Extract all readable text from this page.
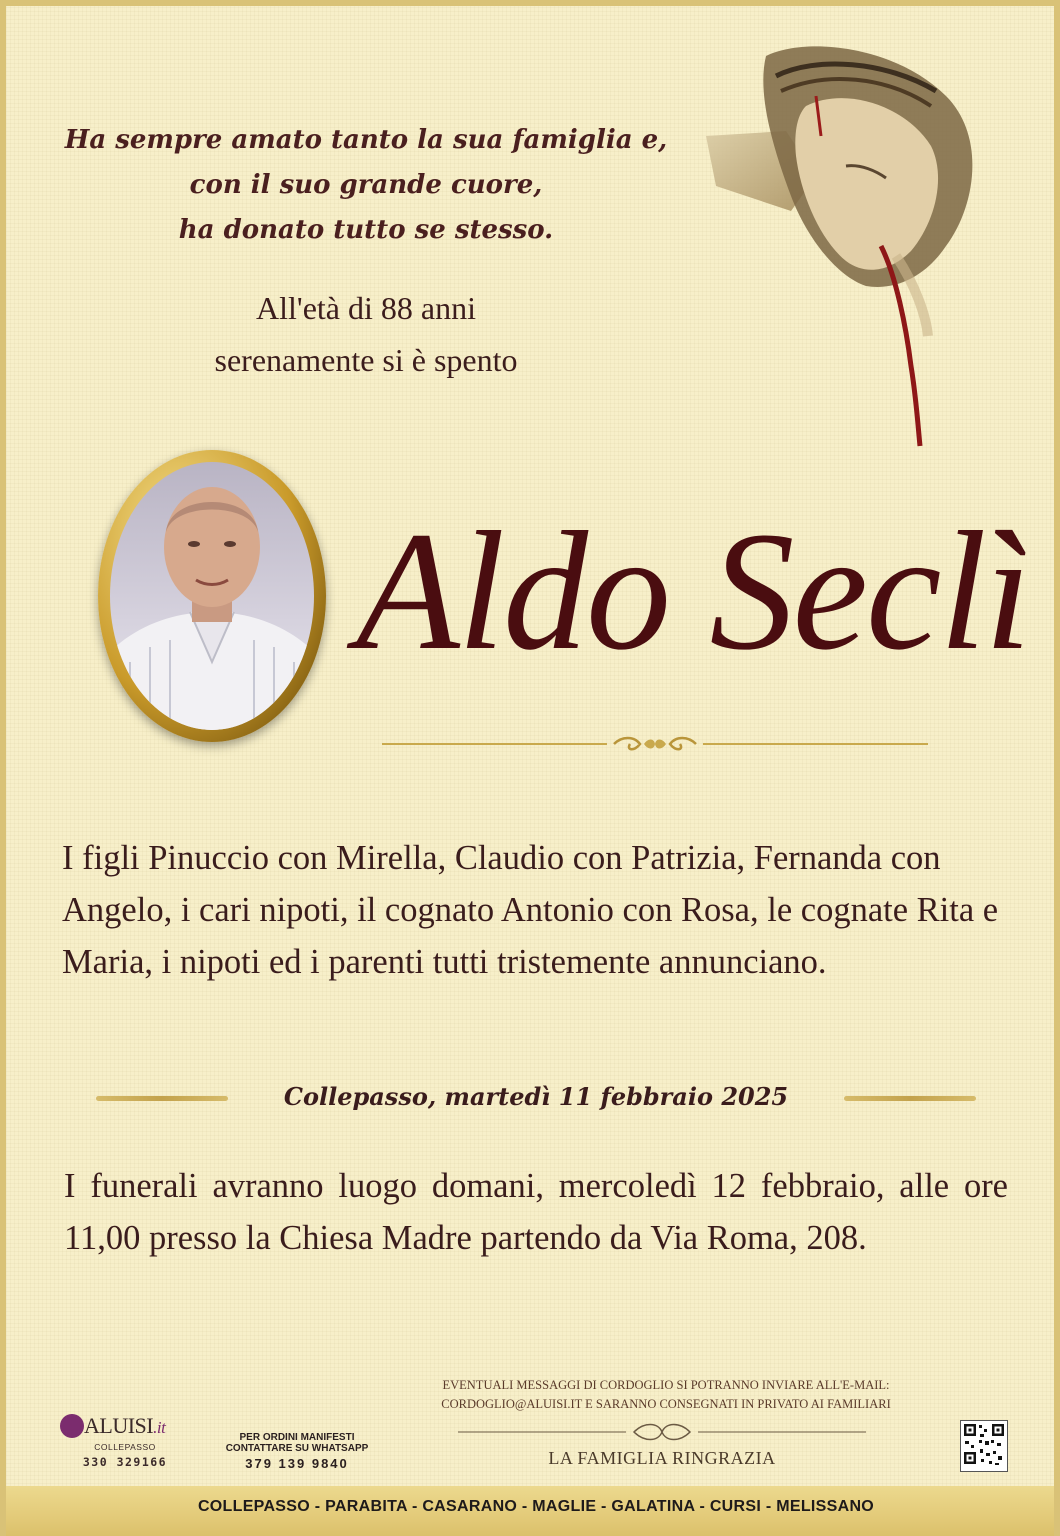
Ha sempre amato tanto la sua famiglia e,
con il suo grande cuore,
ha donato tutto se stesso.
All'età di 88 anni
serenamente si è spento
Aldo Seclì
I figli Pinuccio con Mirella, Claudio con Patrizia, Fernanda con Angelo, i cari nipoti, il cognato Antonio con Rosa, le cognate Rita e Maria, i nipoti ed i parenti tutti tristemente annunciano.
Collepasso, martedì 11 febbraio 2025

I funerali avranno luogo domani, mercoledì 12 febbraio, alle ore 11,00 presso la Chiesa Madre partendo da Via Roma, 208.

EVENTUALI MESSAGGI DI CORDOGLIO SI POTRANNO INVIARE ALL'E-MAIL:
CORDOGLIO@ALUISI.IT E SARANNO CONSEGNATI IN PRIVATO AI FAMILIARI
LA FAMIGLIA RINGRAZIA
ALUISI.it
COLLEPASSO
330 329166
PER ORDINI MANIFESTI
CONTATTARE SU WHATSAPP
379 139 9840
COLLEPASSO - PARABITA - CASARANO - MAGLIE - GALATINA - CURSI - MELISSANO
